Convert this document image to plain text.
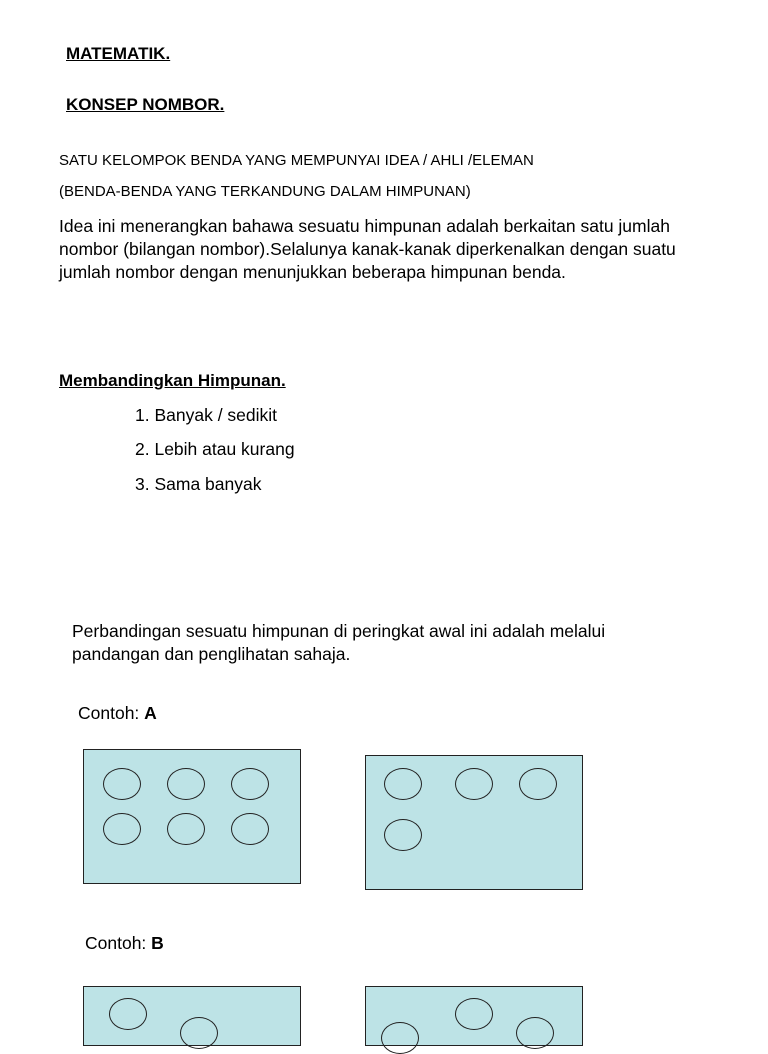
MATEMATIK.
KONSEP NOMBOR.
SATU KELOMPOK BENDA YANG MEMPUNYAI IDEA / AHLI /ELEMAN
(BENDA-BENDA YANG TERKANDUNG DALAM HIMPUNAN)
Idea ini menerangkan bahawa sesuatu himpunan adalah berkaitan satu jumlah nombor (bilangan nombor).Selalunya kanak-kanak diperkenalkan dengan suatu jumlah nombor dengan menunjukkan beberapa himpunan benda.
Membandingkan Himpunan.
1. Banyak / sedikit
2. Lebih atau kurang
3. Sama banyak
Perbandingan sesuatu himpunan di peringkat awal ini adalah melalui pandangan dan penglihatan sahaja.
Contoh: A
Contoh: B
